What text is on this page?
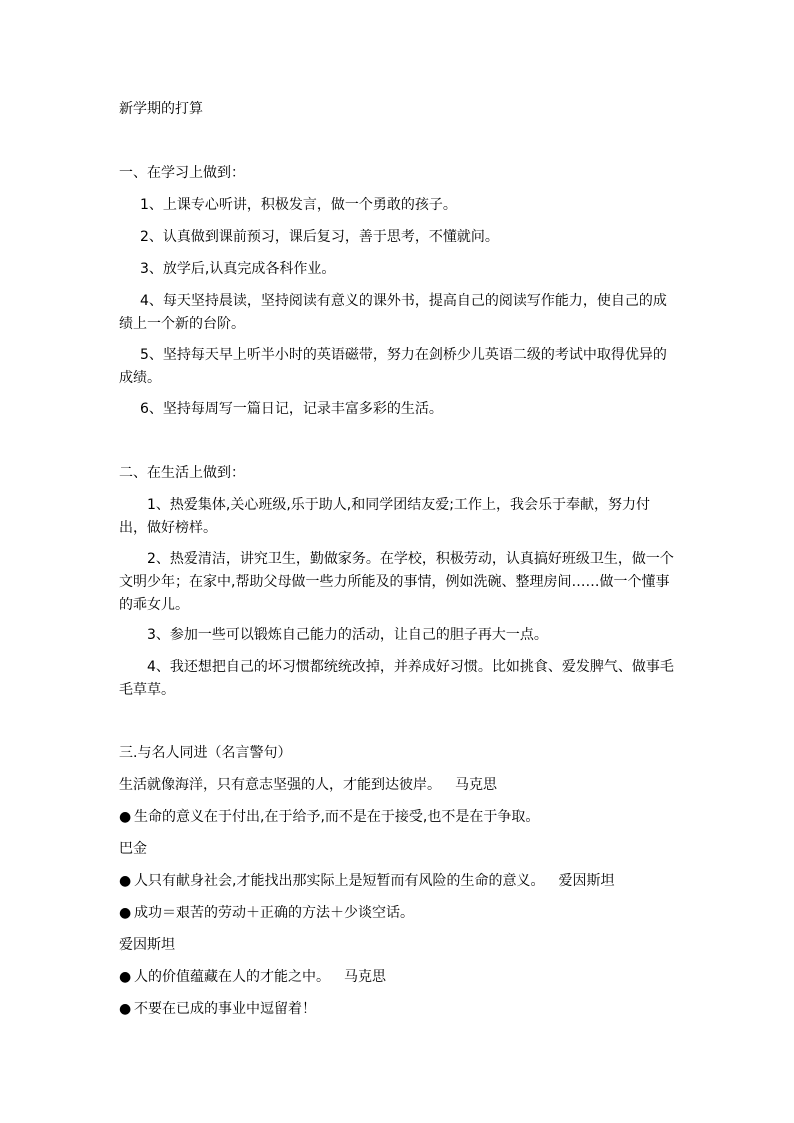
新学期的打算
一、在学习上做到：
1、上课专心听讲，积极发言，做一个勇敢的孩子。
2、认真做到课前预习，课后复习，善于思考，不懂就问。
3、放学后,认真完成各科作业。
4、每天坚持晨读，坚持阅读有意义的课外书，提高自己的阅读写作能力，使自己的成绩上一个新的台阶。
5、坚持每天早上听半小时的英语磁带，努力在剑桥少儿英语二级的考试中取得优异的成绩。
6、坚持每周写一篇日记，记录丰富多彩的生活。
二、在生活上做到：
1、热爱集体,关心班级,乐于助人,和同学团结友爱;工作上，我会乐于奉献，努力付出，做好榜样。
2、热爱清洁，讲究卫生，勤做家务。在学校，积极劳动，认真搞好班级卫生，做一个文明少年；在家中,帮助父母做一些力所能及的事情，例如洗碗、整理房间……做一个懂事的乖女儿。
3、参加一些可以锻炼自己能力的活动，让自己的胆子再大一点。
4、我还想把自己的坏习惯都统统改掉，并养成好习惯。比如挑食、爱发脾气、做事毛毛草草。
三.与名人同进（名言警句）
生活就像海洋，只有意志坚强的人，才能到达彼岸。 马克思
● 生命的意义在于付出,在于给予,而不是在于接受,也不是在于争取。
巴金
● 人只有献身社会,才能找出那实际上是短暂而有风险的生命的意义。 爱因斯坦
● 成功＝艰苦的劳动＋正确的方法＋少谈空话。
爱因斯坦
● 人的价值蕴藏在人的才能之中。 马克思
● 不要在已成的事业中逗留着！
